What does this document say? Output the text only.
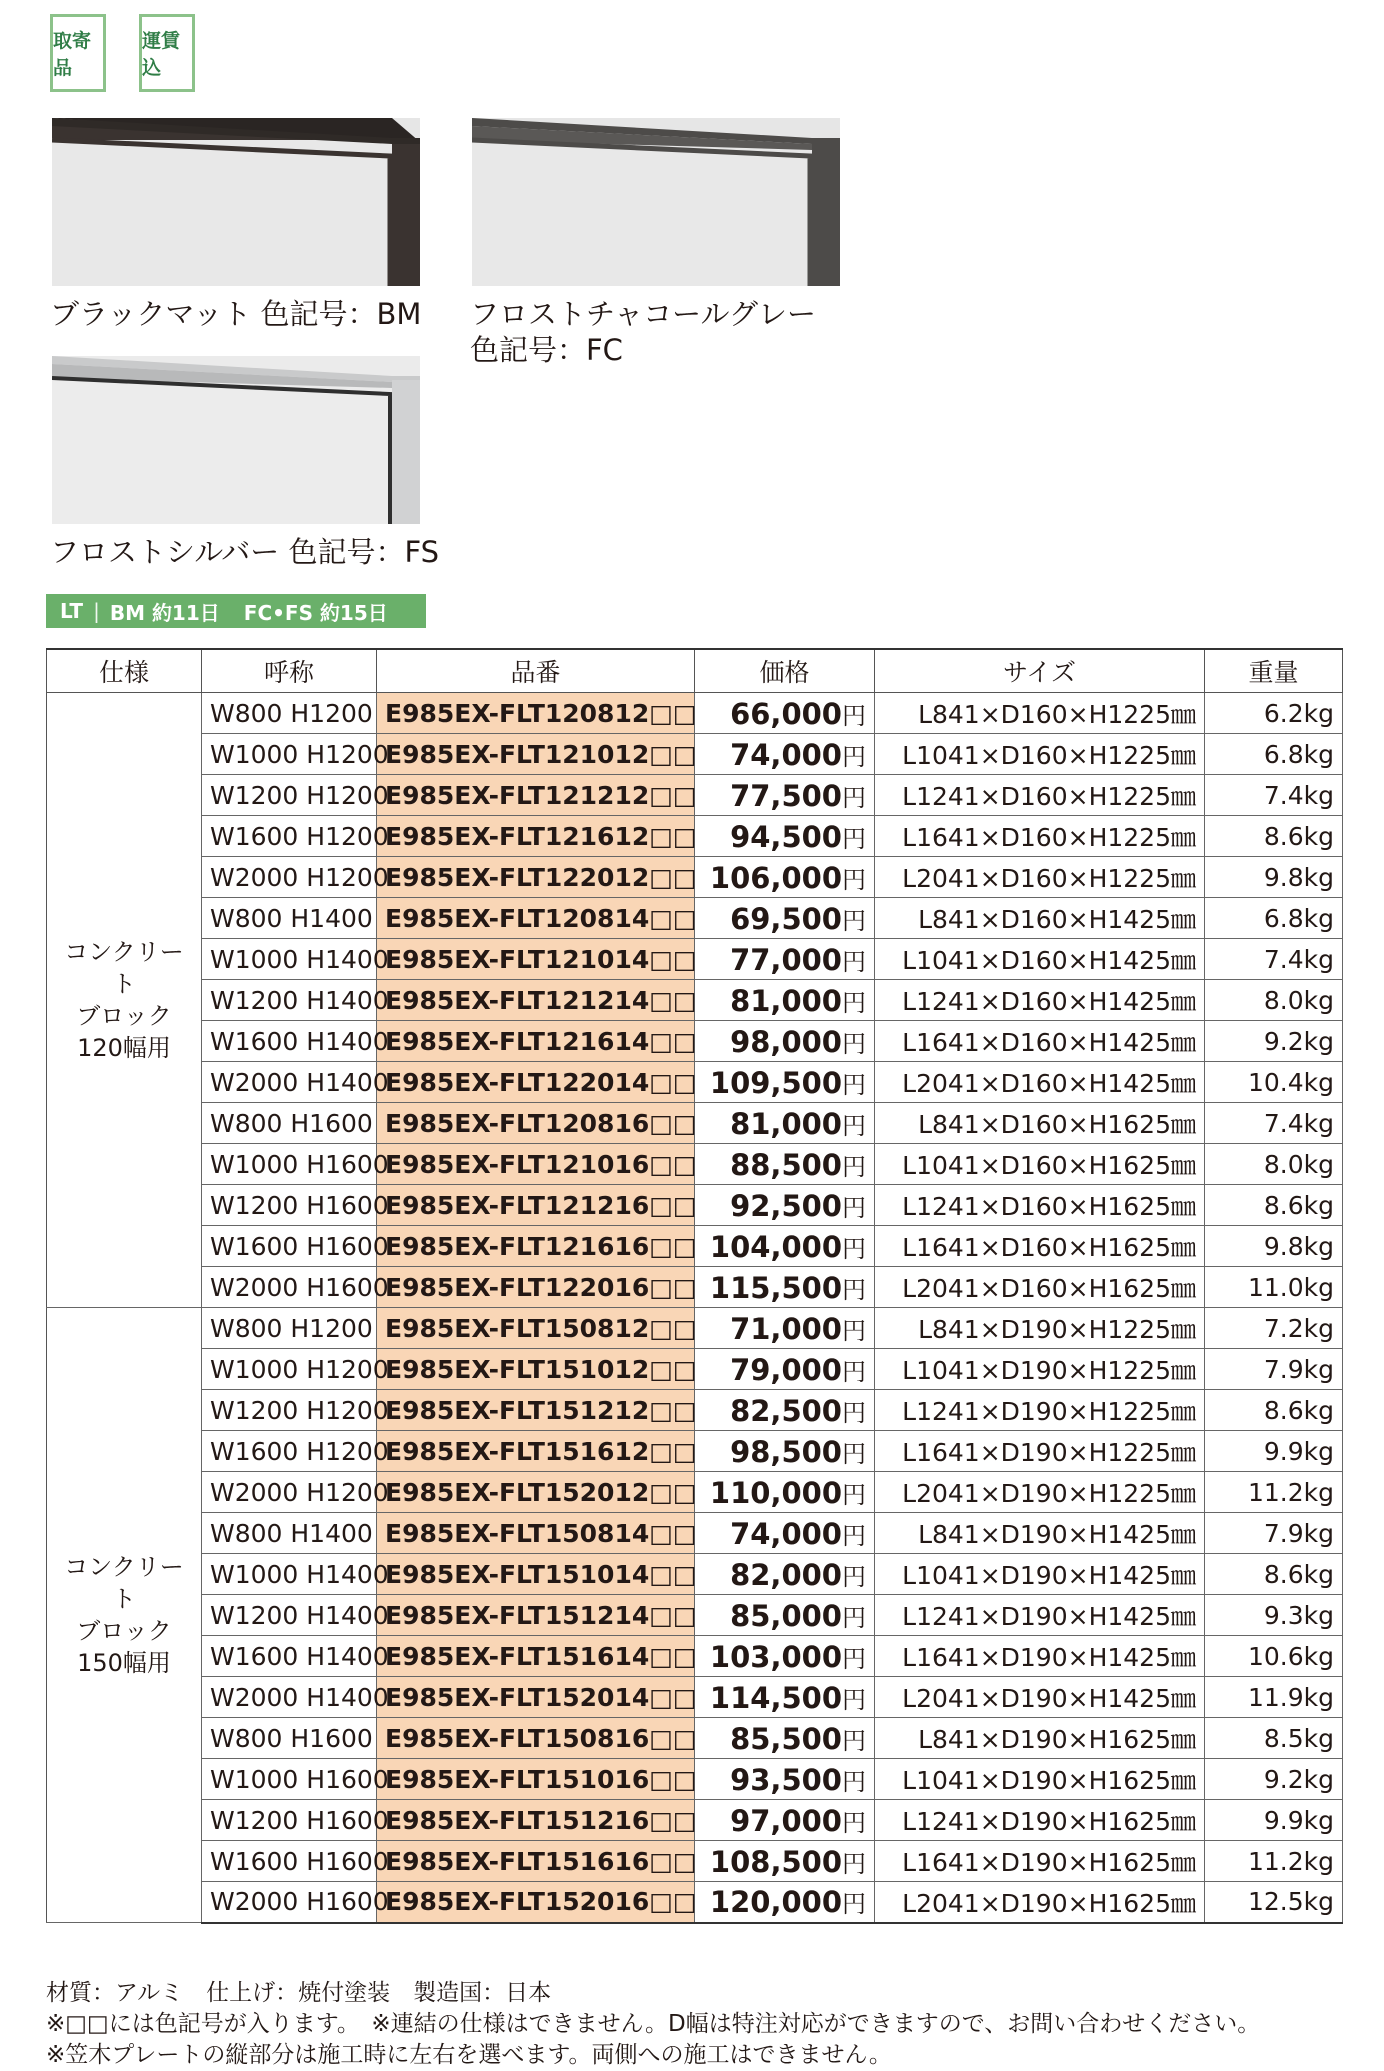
取寄品
運賃込
ブラックマット 色記号：BM フロストチャコールグレー
色記号：FC
フロストシルバー 色記号：FS
LT | BM 約11日 FC•FS 約15日
仕様	呼称	品番	価格	サイズ	重量

コンクリート
ブロック
120幅用	W800 H1200	E985EX-FLT120812□□	66,000円	L841×D160×H1225㎜	6.2kg
	W1000 H1200	E985EX-FLT121012□□	74,000円	L1041×D160×H1225㎜	6.8kg
	W1200 H1200	E985EX-FLT121212□□	77,500円	L1241×D160×H1225㎜	7.4kg
	W1600 H1200	E985EX-FLT121612□□	94,500円	L1641×D160×H1225㎜	8.6kg
	W2000 H1200	E985EX-FLT122012□□	106,000円	L2041×D160×H1225㎜	9.8kg
	W800 H1400	E985EX-FLT120814□□	69,500円	L841×D160×H1425㎜	6.8kg
	W1000 H1400	E985EX-FLT121014□□	77,000円	L1041×D160×H1425㎜	7.4kg
	W1200 H1400	E985EX-FLT121214□□	81,000円	L1241×D160×H1425㎜	8.0kg
	W1600 H1400	E985EX-FLT121614□□	98,000円	L1641×D160×H1425㎜	9.2kg
	W2000 H1400	E985EX-FLT122014□□	109,500円	L2041×D160×H1425㎜	10.4kg
	W800 H1600	E985EX-FLT120816□□	81,000円	L841×D160×H1625㎜	7.4kg
	W1000 H1600	E985EX-FLT121016□□	88,500円	L1041×D160×H1625㎜	8.0kg
	W1200 H1600	E985EX-FLT121216□□	92,500円	L1241×D160×H1625㎜	8.6kg
	W1600 H1600	E985EX-FLT121616□□	104,000円	L1641×D160×H1625㎜	9.8kg
	W2000 H1600	E985EX-FLT122016□□	115,500円	L2041×D160×H1625㎜	11.0kg

コンクリート
ブロック
150幅用	W800 H1200	E985EX-FLT150812□□	71,000円	L841×D190×H1225㎜	7.2kg
	W1000 H1200	E985EX-FLT151012□□	79,000円	L1041×D190×H1225㎜	7.9kg
	W1200 H1200	E985EX-FLT151212□□	82,500円	L1241×D190×H1225㎜	8.6kg
	W1600 H1200	E985EX-FLT151612□□	98,500円	L1641×D190×H1225㎜	9.9kg
	W2000 H1200	E985EX-FLT152012□□	110,000円	L2041×D190×H1225㎜	11.2kg
	W800 H1400	E985EX-FLT150814□□	74,000円	L841×D190×H1425㎜	7.9kg
	W1000 H1400	E985EX-FLT151014□□	82,000円	L1041×D190×H1425㎜	8.6kg
	W1200 H1400	E985EX-FLT151214□□	85,000円	L1241×D190×H1425㎜	9.3kg
	W1600 H1400	E985EX-FLT151614□□	103,000円	L1641×D190×H1425㎜	10.6kg
	W2000 H1400	E985EX-FLT152014□□	114,500円	L2041×D190×H1425㎜	11.9kg
	W800 H1600	E985EX-FLT150816□□	85,500円	L841×D190×H1625㎜	8.5kg
	W1000 H1600	E985EX-FLT151016□□	93,500円	L1041×D190×H1625㎜	9.2kg
	W1200 H1600	E985EX-FLT151216□□	97,000円	L1241×D190×H1625㎜	9.9kg
	W1600 H1600	E985EX-FLT151616□□	108,500円	L1641×D190×H1625㎜	11.2kg
	W2000 H1600	E985EX-FLT152016□□	120,000円	L2041×D190×H1625㎜	12.5kg
材質：アルミ　仕上げ：焼付塗装　製造国：日本
※□□には色記号が入ります。　※連結の仕様はできません。D幅は特注対応ができますので、お問い合わせください。
※笠木プレートの縦部分は施工時に左右を選べます。両側への施工はできません。
